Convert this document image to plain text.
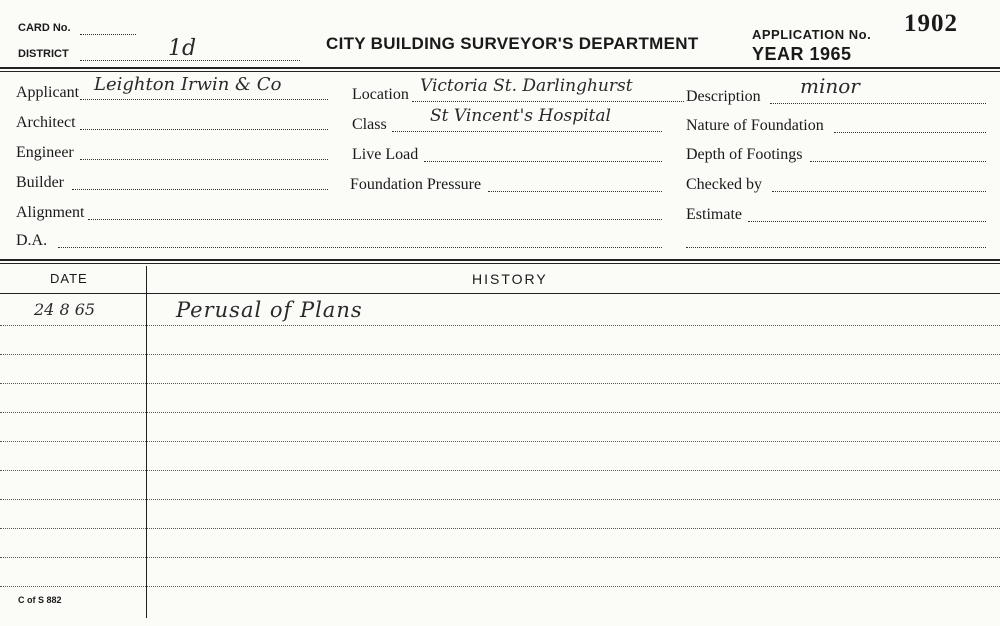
CARD No.
DISTRICT	1d	CITY BUILDING SURVEYOR'S DEPARTMENT	APPLICATION No. 1902
YEAR 1965
Applicant Leighton Irwin & Co
Architect
Engineer
Builder
Alignment
D.A.
Location Victoria St. Darlinghurst
Class	St Vincent's Hospital
Live Load
Foundation Pressure
Description minor
Nature of Foundation
Depth of Footings
Checked by
Estimate
DATE	HISTORY
24 8 65	Perusal of Plans
C of S 882
